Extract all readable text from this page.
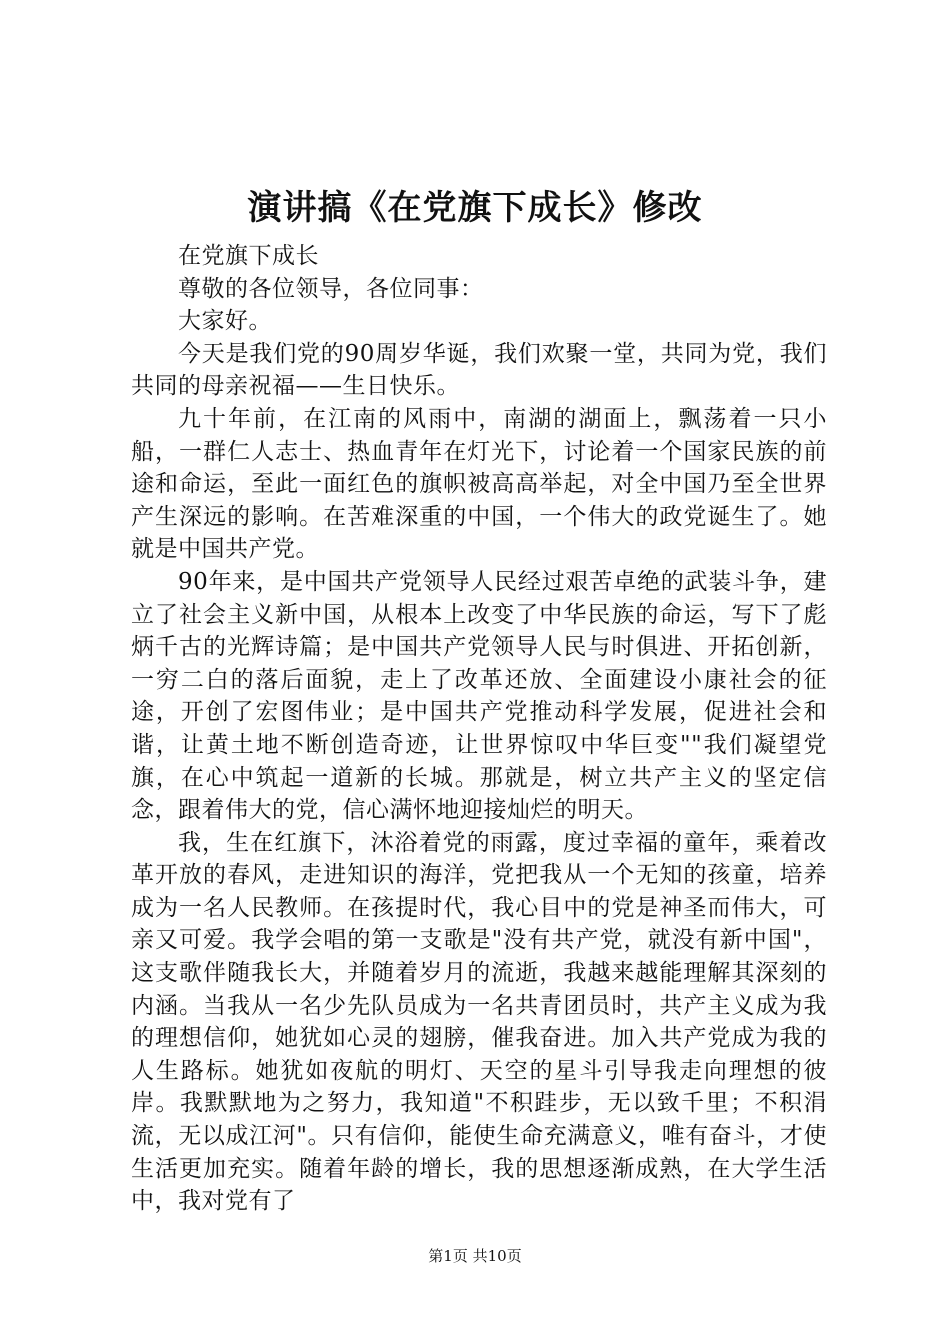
演讲搞《在党旗下成长》修改

在党旗下成长

尊敬的各位领导，各位同事：

大家好。

今天是我们党的90周岁华诞，我们欢聚一堂，共同为党，我们共同的母亲祝福——生日快乐。

九十年前，在江南的风雨中，南湖的湖面上，飘荡着一只小船，一群仁人志士、热血青年在灯光下，讨论着一个国家民族的前途和命运，至此一面红色的旗帜被高高举起，对全中国乃至全世界产生深远的影响。在苦难深重的中国，一个伟大的政党诞生了。她就是中国共产党。

90年来，是中国共产党领导人民经过艰苦卓绝的武装斗争，建立了社会主义新中国，从根本上改变了中华民族的命运，写下了彪炳千古的光辉诗篇；是中国共产党领导人民与时俱进、开拓创新，一穷二白的落后面貌，走上了改革还放、全面建设小康社会的征途，开创了宏图伟业；是中国共产党推动科学发展，促进社会和谐，让黄土地不断创造奇迹，让世界惊叹中华巨变""我们凝望党旗，在心中筑起一道新的长城。那就是，树立共产主义的坚定信念，跟着伟大的党，信心满怀地迎接灿烂的明天。

我，生在红旗下，沐浴着党的雨露，度过幸福的童年，乘着改革开放的春风，走进知识的海洋，党把我从一个无知的孩童，培养成为一名人民教师。在孩提时代，我心目中的党是神圣而伟大，可亲又可爱。我学会唱的第一支歌是"没有共产党，就没有新中国"，这支歌伴随我长大，并随着岁月的流逝，我越来越能理解其深刻的内涵。当我从一名少先队员成为一名共青团员时，共产主义成为我的理想信仰，她犹如心灵的翅膀，催我奋进。加入共产党成为我的人生路标。她犹如夜航的明灯、天空的星斗引导我走向理想的彼岸。我默默地为之努力，我知道"不积跬步，无以致千里；不积涓流，无以成江河"。只有信仰，能使生命充满意义，唯有奋斗，才使生活更加充实。随着年龄的增长，我的思想逐渐成熟，在大学生活中，我对党有了

第1页 共10页
